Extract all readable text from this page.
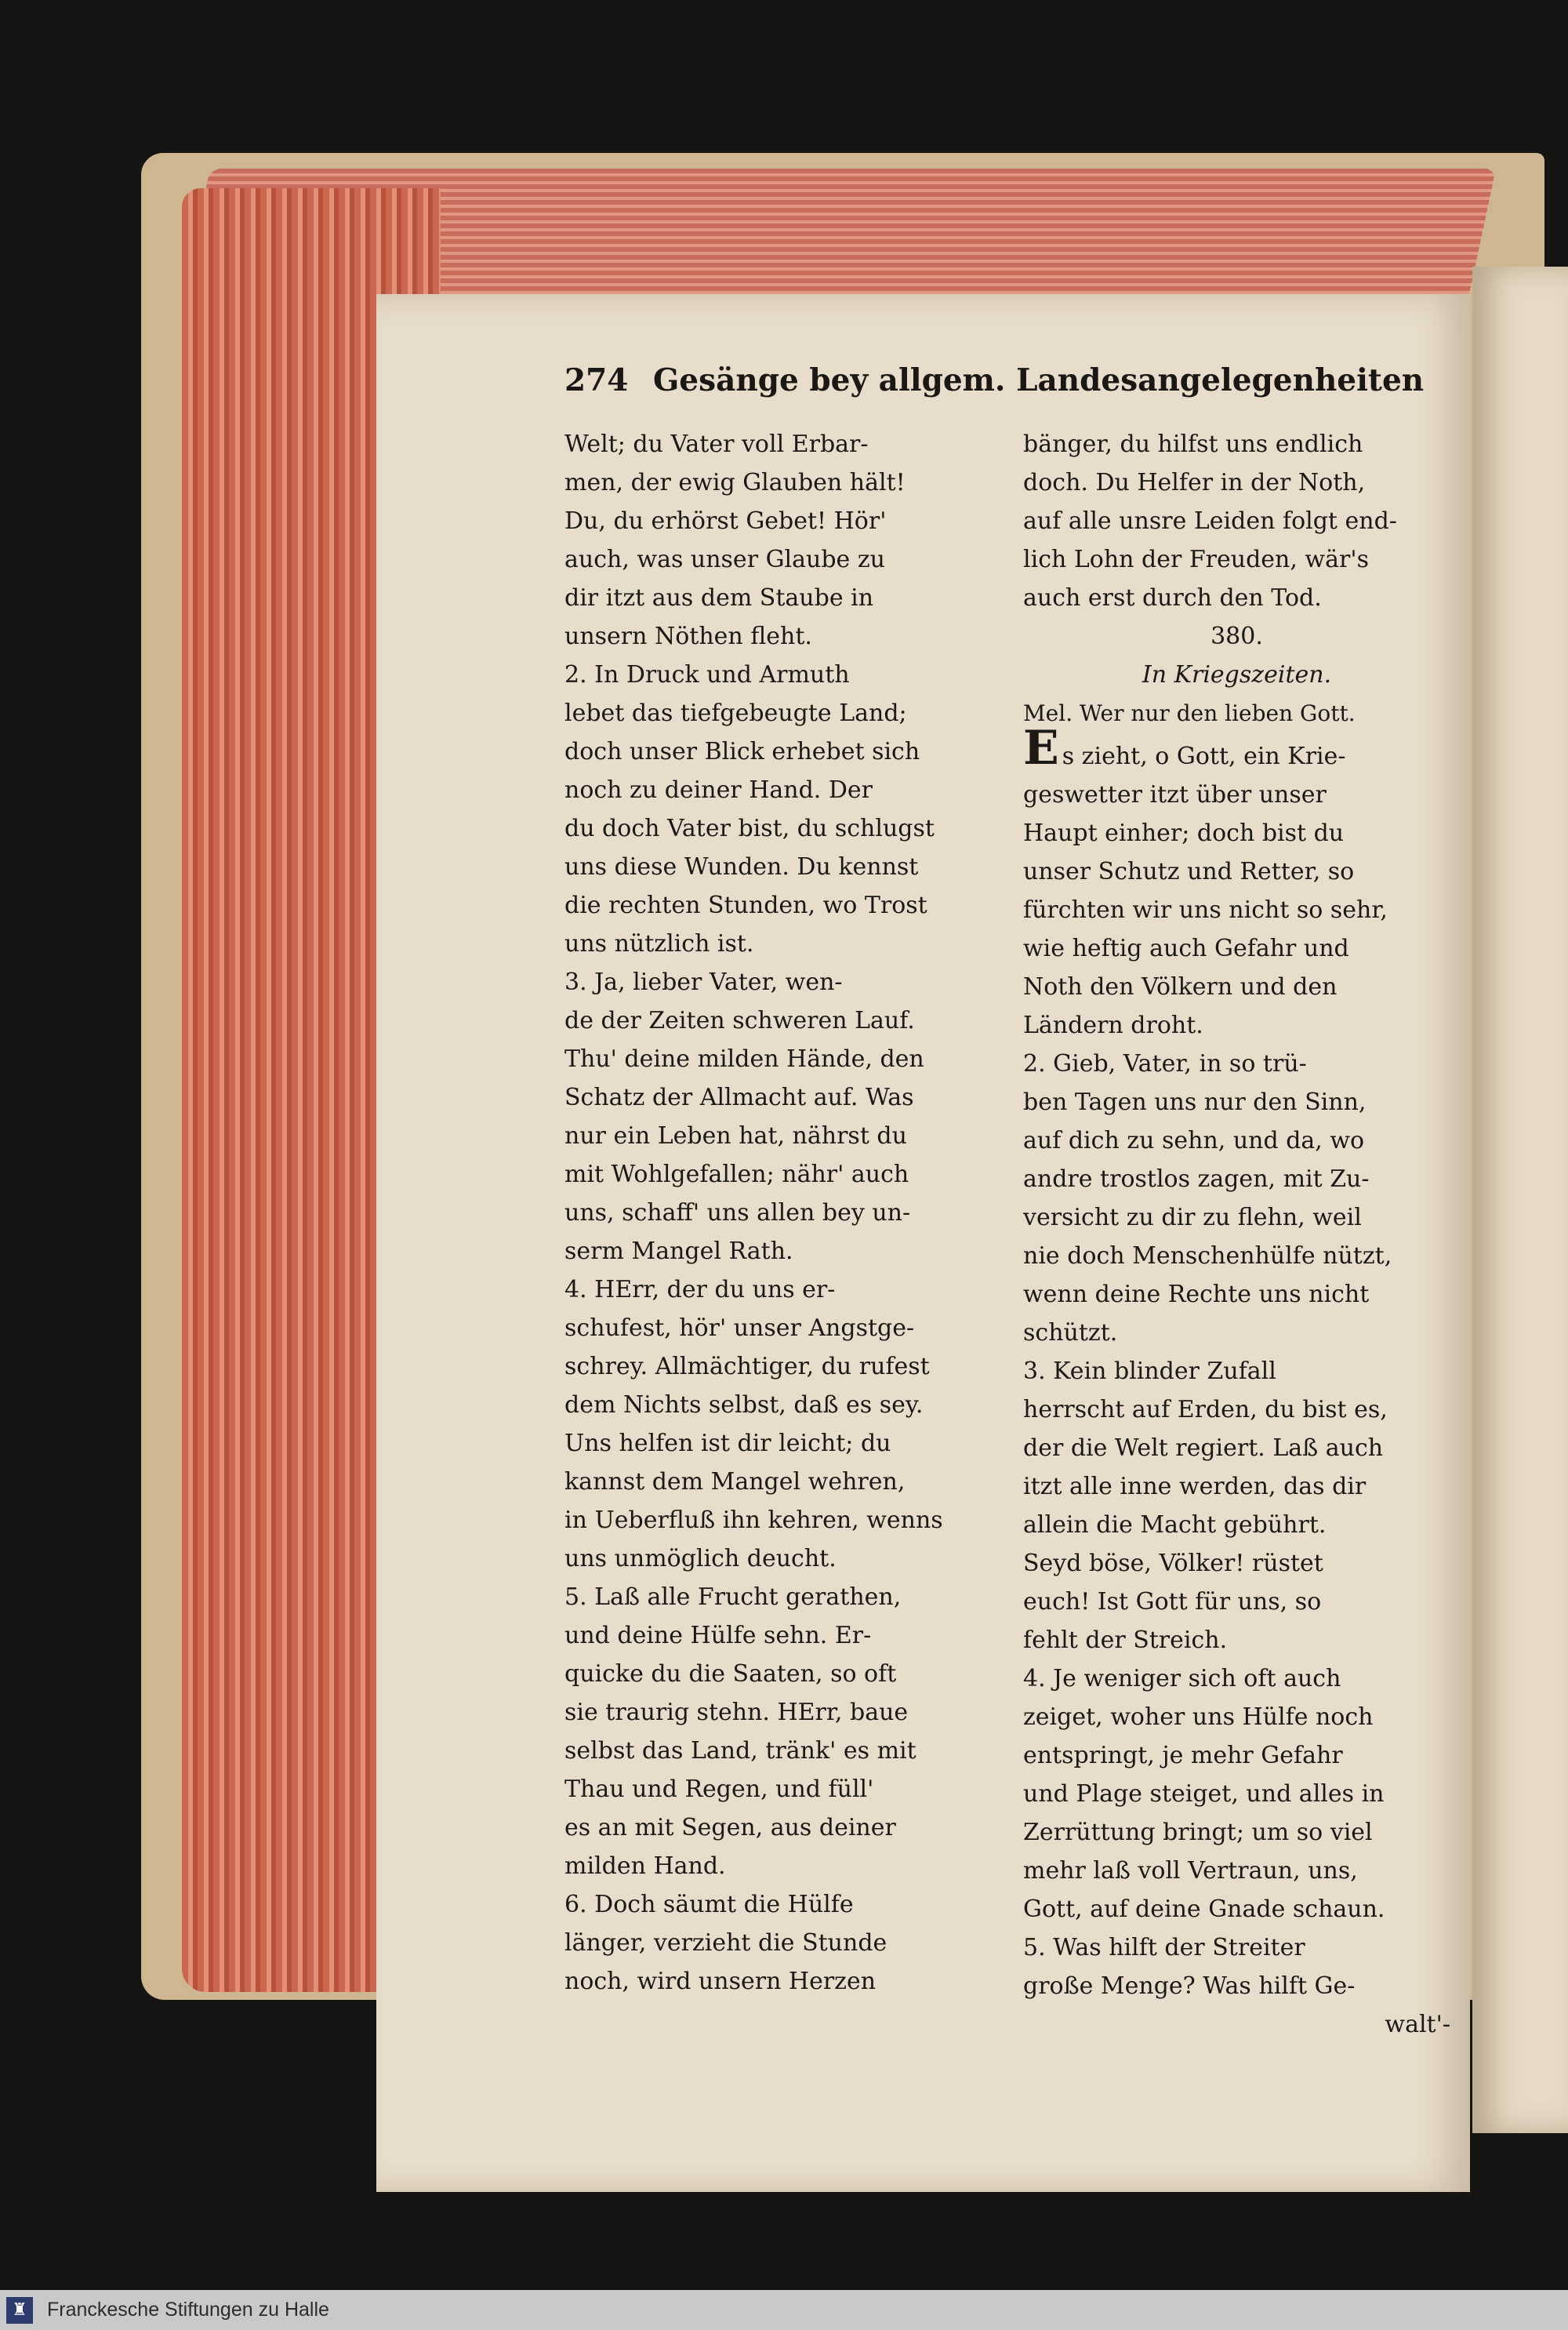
274 Gesänge bey allgem. Landesangelegenheiten

Welt; du Vater voll Erbar-

men, der ewig Glauben hält!

Du, du erhörst Gebet! Hör'

auch, was unser Glaube zu

dir itzt aus dem Staube in

unsern Nöthen fleht.

2. In Druck und Armuth

lebet das tiefgebeugte Land;

doch unser Blick erhebet sich

noch zu deiner Hand. Der

du doch Vater bist, du schlugst

uns diese Wunden. Du kennst

die rechten Stunden, wo Trost

uns nützlich ist.

3. Ja, lieber Vater, wen-

de der Zeiten schweren Lauf.

Thu' deine milden Hände, den

Schatz der Allmacht auf. Was

nur ein Leben hat, nährst du

mit Wohlgefallen; nähr' auch

uns, schaff' uns allen bey un-

serm Mangel Rath.

4. HErr, der du uns er-

schufest, hör' unser Angstge-

schrey. Allmächtiger, du rufest

dem Nichts selbst, daß es sey.

Uns helfen ist dir leicht; du

kannst dem Mangel wehren,

in Ueberfluß ihn kehren, wenns

uns unmöglich deucht.

5. Laß alle Frucht gerathen,

und deine Hülfe sehn. Er-

quicke du die Saaten, so oft

sie traurig stehn. HErr, baue

selbst das Land, tränk' es mit

Thau und Regen, und füll'

es an mit Segen, aus deiner

milden Hand.

6. Doch säumt die Hülfe

länger, verzieht die Stunde

noch, wird unsern Herzen

bänger, du hilfst uns endlich

doch. Du Helfer in der Noth,

auf alle unsre Leiden folgt end-

lich Lohn der Freuden, wär's

auch erst durch den Tod.

380.

In Kriegszeiten.

Mel. Wer nur den lieben Gott.

Es zieht, o Gott, ein Krie-

geswetter itzt über unser

Haupt einher; doch bist du

unser Schutz und Retter, so

fürchten wir uns nicht so sehr,

wie heftig auch Gefahr und

Noth den Völkern und den

Ländern droht.

2. Gieb, Vater, in so trü-

ben Tagen uns nur den Sinn,

auf dich zu sehn, und da, wo

andre trostlos zagen, mit Zu-

versicht zu dir zu flehn, weil

nie doch Menschenhülfe nützt,

wenn deine Rechte uns nicht

schützt.

3. Kein blinder Zufall

herrscht auf Erden, du bist es,

der die Welt regiert. Laß auch

itzt alle inne werden, das dir

allein die Macht gebührt.

Seyd böse, Völker! rüstet

euch! Ist Gott für uns, so

fehlt der Streich.

4. Je weniger sich oft auch

zeiget, woher uns Hülfe noch

entspringt, je mehr Gefahr

und Plage steiget, und alles in

Zerrüttung bringt; um so viel

mehr laß voll Vertraun, uns,

Gott, auf deine Gnade schaun.

5. Was hilft der Streiter

große Menge? Was hilft Ge-

walt'-

♜ Franckesche Stiftungen zu Halle
